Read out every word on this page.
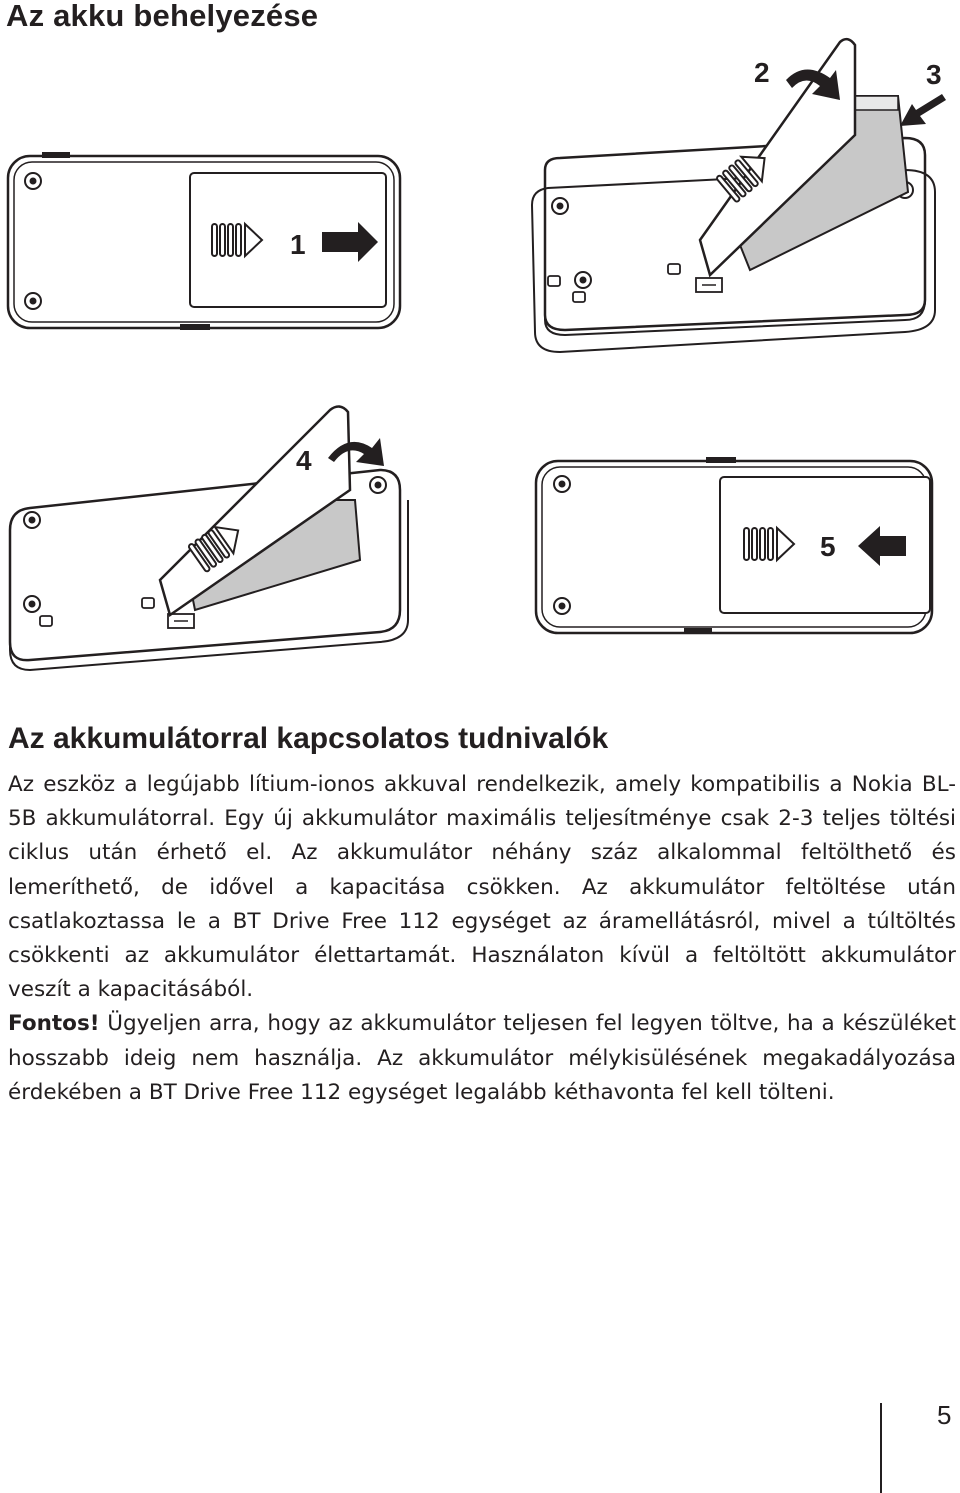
Az akku behelyezése
1
2	3
4
5
Az akkumulátorral kapcsolatos tudnivalók

Az eszköz a legújabb lítium-ionos akkuval rendelkezik, amely kompatibilis a Nokia BL-5B akkumulátorral. Egy új akkumulátor maximális teljesítménye csak 2-3 teljes töltési ciklus után érhető el. Az akkumulátor néhány száz alkalommal feltölthető és lemeríthető, de idővel a kapacitása csökken. Az akkumulátor feltöltése után csatlakoztassa le a BT Drive Free 112 egységet az áramellátásról, mivel a túltöltés csökkenti az akkumulátor élettartamát. Használaton kívül a feltöltött akkumulátor veszít a kapacitásából.
Fontos! Ügyeljen arra, hogy az akkumulátor teljesen fel legyen töltve, ha a készüléket hosszabb ideig nem használja. Az akkumulátor mélykisülésének megakadályozása érdekében a BT Drive Free 112 egységet legalább kéthavonta fel kell tölteni.

5
